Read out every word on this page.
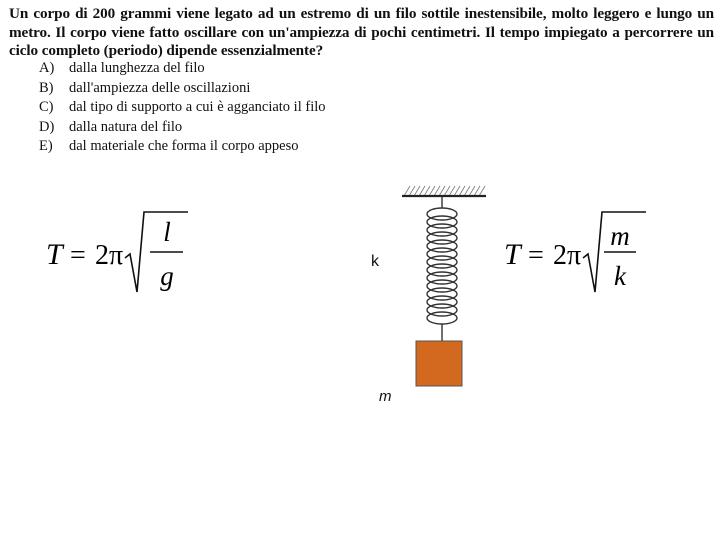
Un corpo di 200 grammi viene legato ad un estremo di un filo sottile inestensibile, molto leggero e lungo un metro. Il corpo viene fatto oscillare con un'ampiezza di pochi centimetri. Il tempo impiegato a percorrere un ciclo completo (periodo) dipende essenzialmente?
A)	dalla lunghezza del filo
B)	dall'ampiezza delle oscillazioni
C)	dal tipo di supporto a cui è agganciato il filo
D)	dalla natura del filo
E)	dal materiale che forma il corpo appeso
T = 2π
l
g
T = 2π
m
k
k
m
